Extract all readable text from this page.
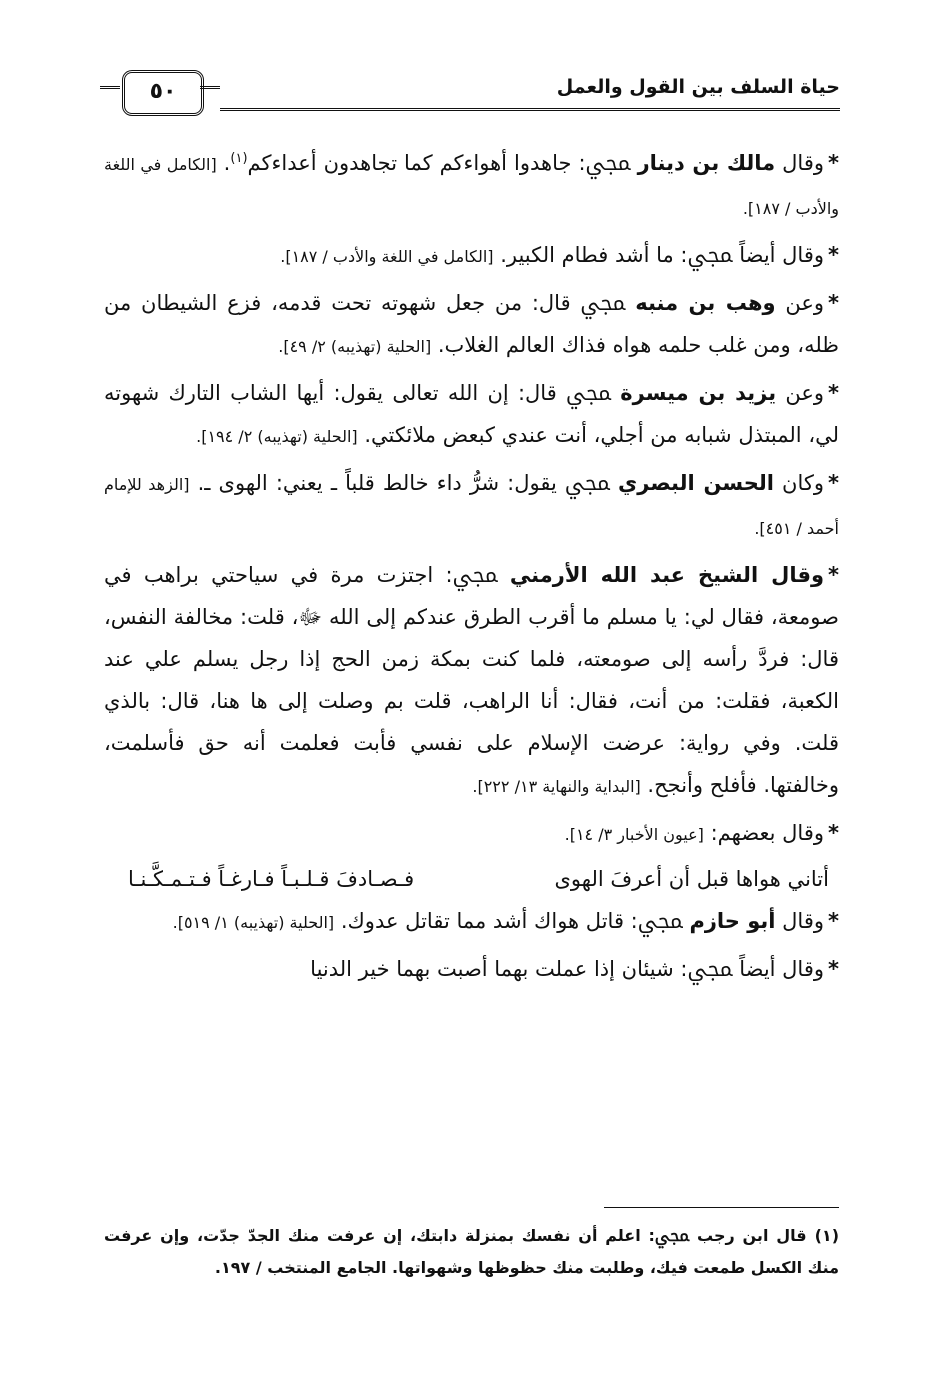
حياة السلف بين القول والعمل
٥٠

*وقال مالك بن دينار ﷀ: جاهدوا أهواءكم كما تجاهدون أعداءكم$^{(١)}$. [الكامل في اللغة والأدب / ١٨٧].

*وقال أيضاً ﷀ: ما أشد فطام الكبير. [الكامل في اللغة والأدب / ١٨٧].

*وعن وهب بن منبه ﷀ قال: من جعل شهوته تحت قدمه، فزع الشيطان من ظله، ومن غلب حلمه هواه فذاك العالم الغلاب. [الحلية (تهذيبه) ٢/ ٤٩].

*وعن يزيد بن ميسرة ﷀ قال: إن الله تعالى يقول: أيها الشاب التارك شهوته لي، المبتذل شبابه من أجلي، أنت عندي كبعض ملائكتي. [الحلية (تهذيبه) ٢/ ١٩٤].

*وكان الحسن البصري ﷀ يقول: شرُّ داء خالط قلباً ـ يعني: الهوى ـ. [الزهد للإمام أحمد / ٤٥١].

*وقال الشيخ عبد الله الأرمني ﷀ: اجتزت مرة في سياحتي براهب في صومعة، فقال لي: يا مسلم ما أقرب الطرق عندكم إلى الله ﷻ، قلت: مخالفة النفس، قال: فردَّ رأسه إلى صومعته، فلما كنت بمكة زمن الحج إذا رجل يسلم علي عند الكعبة، فقلت: من أنت، فقال: أنا الراهب، قلت بم وصلت إلى ها هنا، قال: بالذي قلت. وفي رواية: عرضت الإسلام على نفسي فأبت فعلمت أنه حق فأسلمت، وخالفتها. فأفلح وأنجح. [البداية والنهاية ١٣/ ٢٢٢].

*وقال بعضهم: [عيون الأخبار ٣/ ١٤].

أتاني هواها قبل أن أعرفَ الهوى
فـصـادفَ قـلـبـاً فـارغـاً فـتـمـكَّـنـا

*وقال أبو حازم ﷀ: قاتل هواك أشد مما تقاتل عدوك. [الحلية (تهذيبه) ١/ ٥١٩].

*وقال أيضاً ﷀ: شيئان إذا عملت بهما أصبت بهما خير الدنيا

(١)قال ابن رجب ﷀ: اعلم أن نفسك بمنزلة دابتك، إن عرفت منك الجدّ جدّت، وإن عرفت منك الكسل طمعت فيك، وطلبت منك حظوظها وشهواتها. الجامع المنتخب / ١٩٧.
